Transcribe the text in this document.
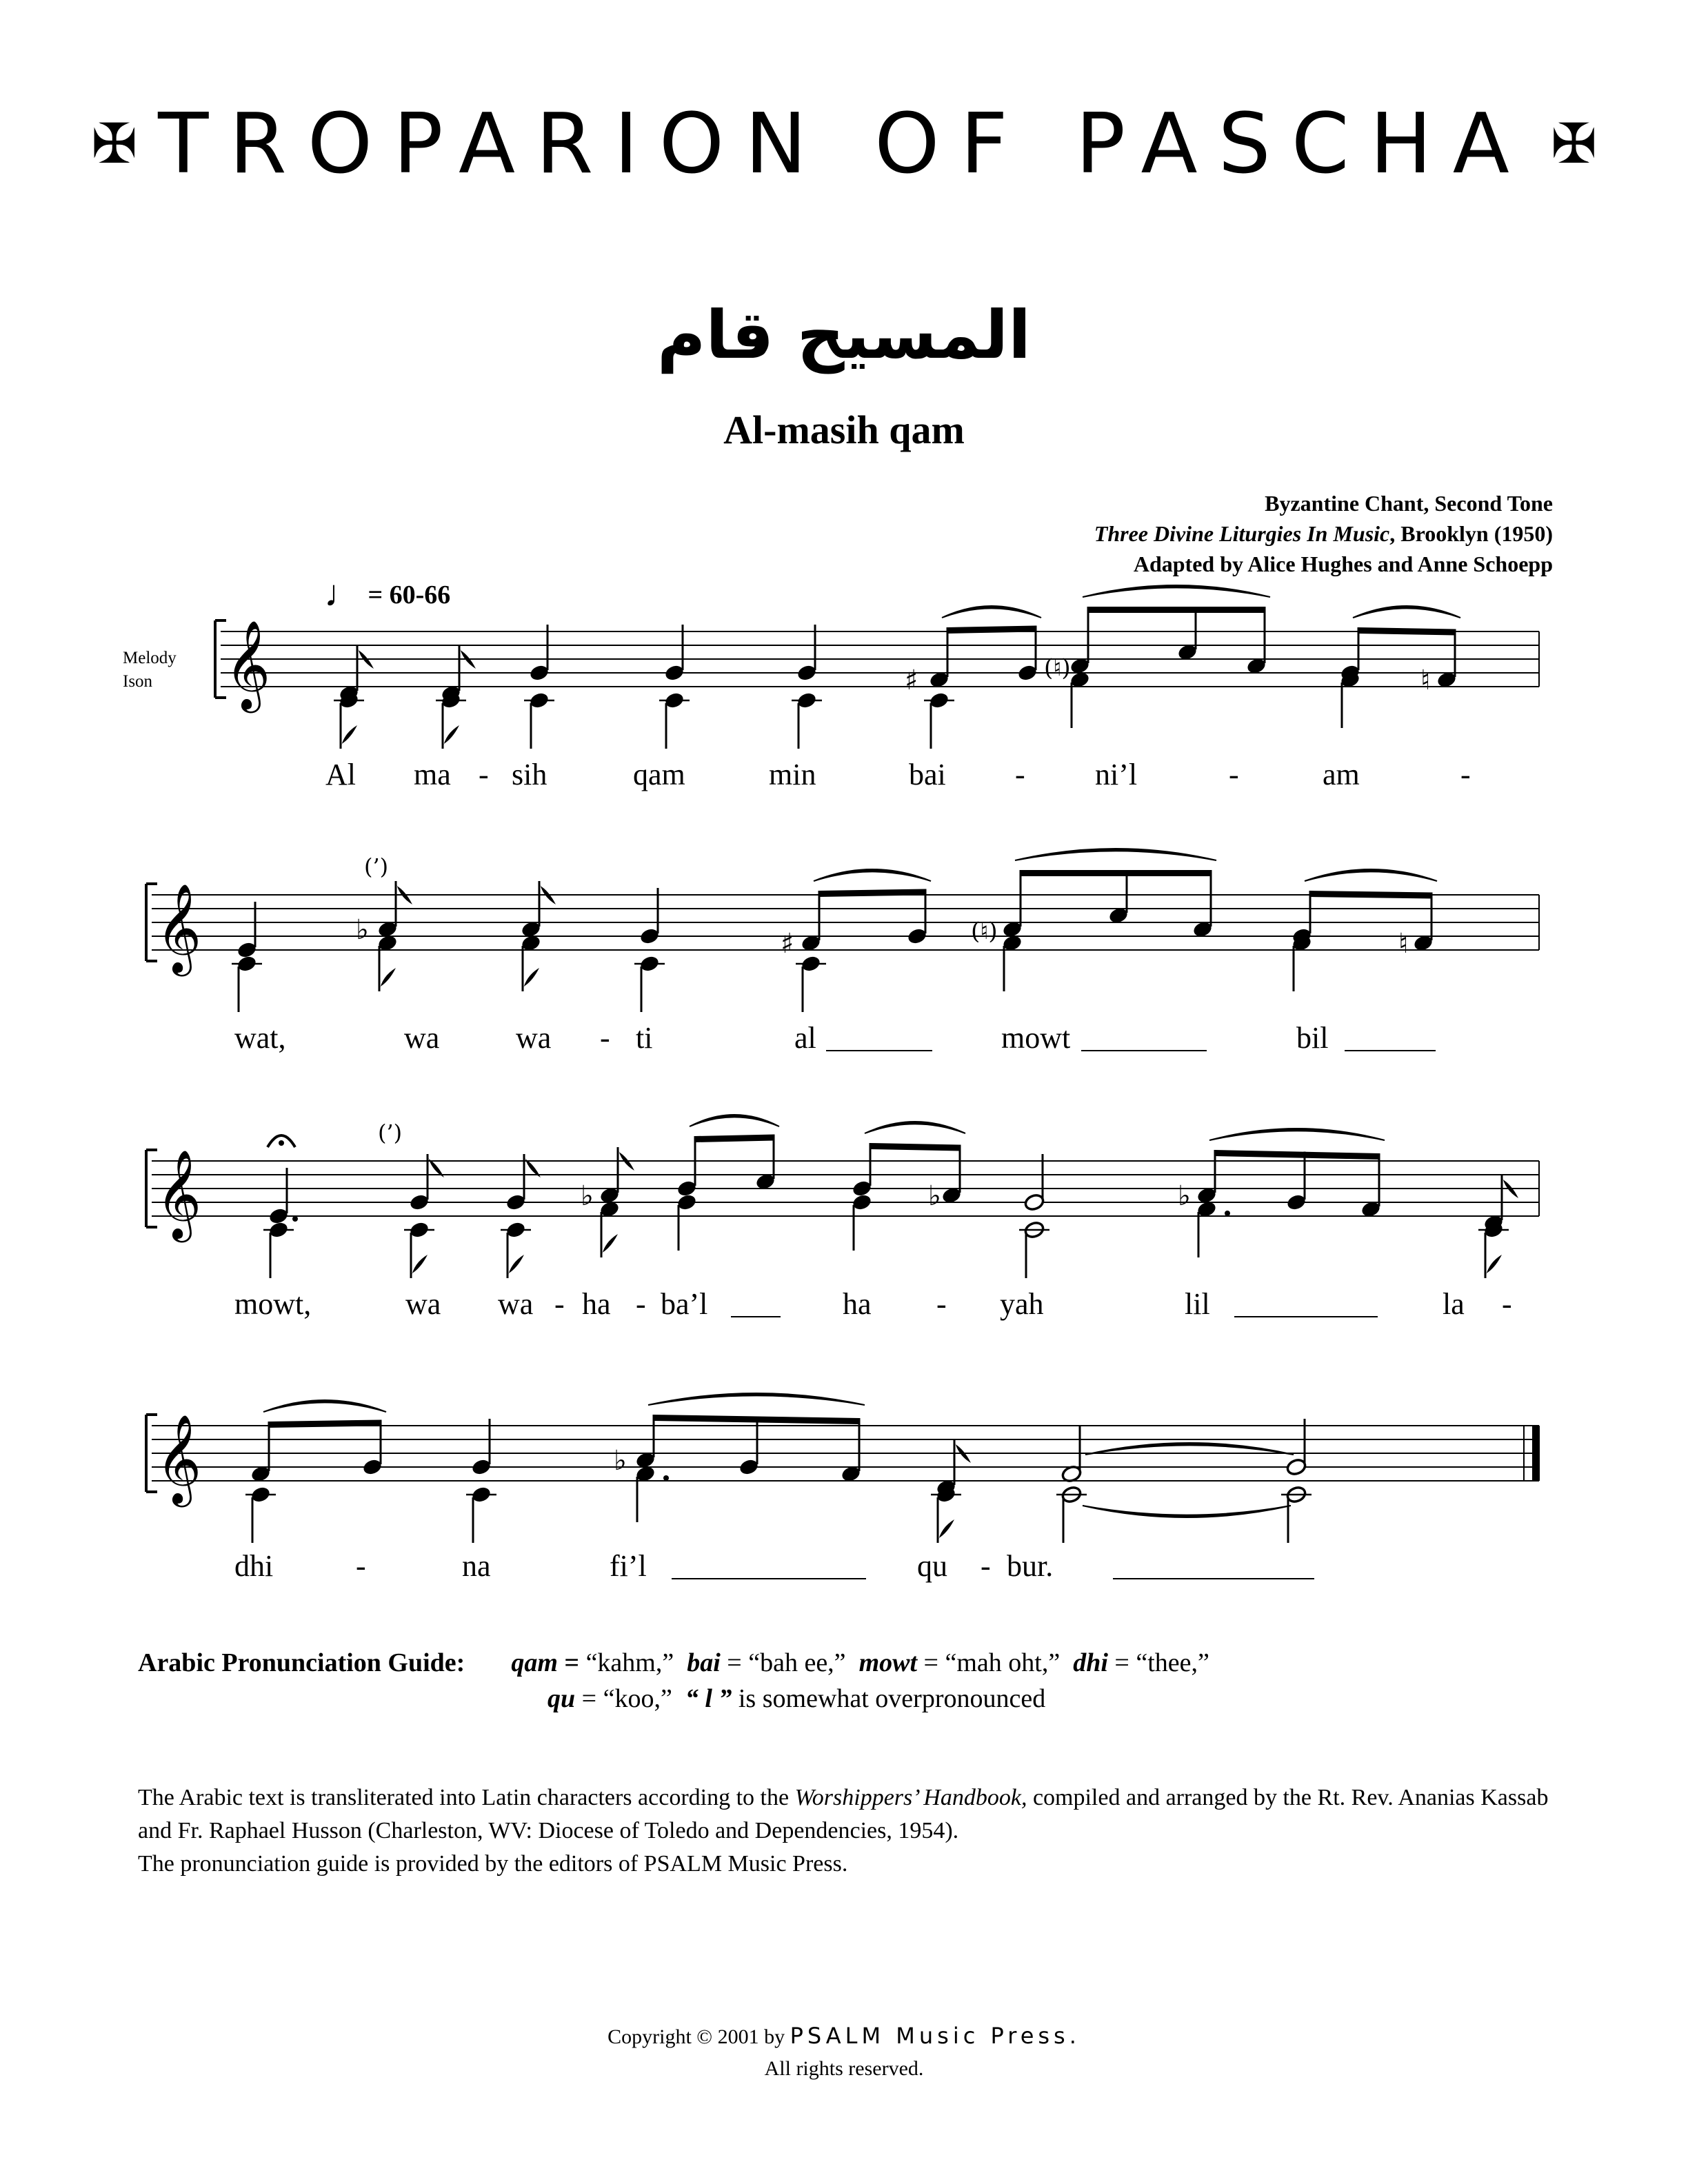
✠ TROPARION OF PASCHA ✠
المسيح قام
Al-masih qam
Byzantine Chant, Second Tone
Three Divine Liturgies In Music, Brooklyn (1950)
Adapted by Alice Hughes and Anne Schoepp
♩ = 60-66
Melody
Ison 𝄞
𝄞
𝄞
𝄞
♯	(♮)	♮
(’)
♭	♯	(♮)	♮
(’)
♭	♭	♭
♭
Al ma - sih	qam	min	bai - ni’l	-	am	-
wat,	wa	wa - ti	al	mowt	bil
mowt,	wa wa - ha - ba’l	ha - yah	lil	la -
dhi	-	na	fi’l	qu - bur.
Arabic Pronunciation Guide: qam = “kahm,” bai = “bah ee,” mowt = “mah oht,” dhi = “thee,”
qu = “koo,” “ l ” is somewhat overpronounced

The Arabic text is transliterated into Latin characters according to the Worshippers’ Handbook, compiled and arranged by the Rt. Rev. Ananias Kassab and Fr. Raphael Husson (Charleston, WV: Diocese of Toledo and Dependencies, 1954).

The pronunciation guide is provided by the editors of PSALM Music Press.

Copyright © 2001 by PSALM Music Press.
All rights reserved.
